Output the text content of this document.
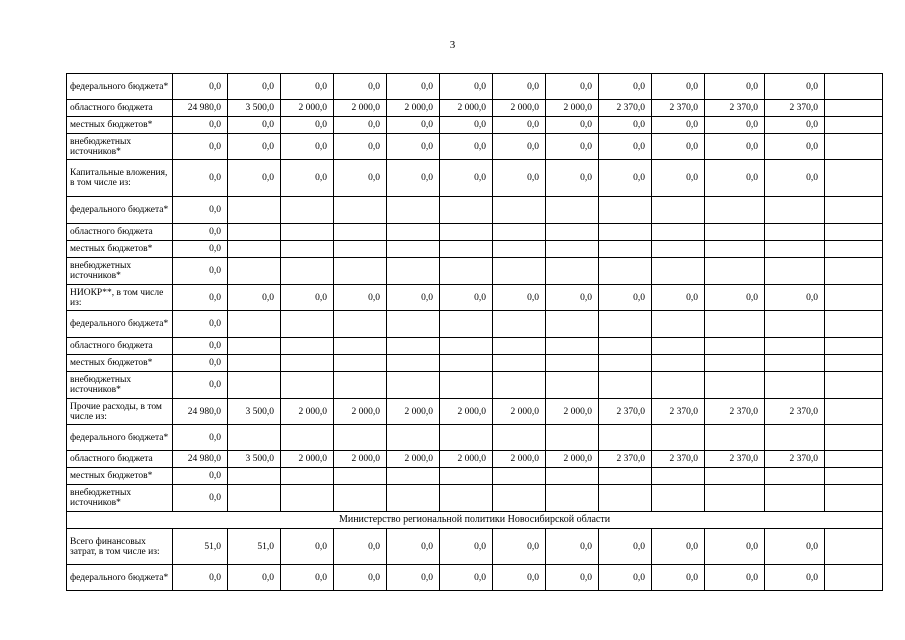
3
федерального бюджета*	0,0	0,0	0,0	0,0	0,0	0,0	0,0	0,0	0,0	0,0	0,0	0,0	
областного бюджета	24 980,0	3 500,0	2 000,0	2 000,0	2 000,0	2 000,0	2 000,0	2 000,0	2 370,0	2 370,0	2 370,0	2 370,0	
местных бюджетов*	0,0	0,0	0,0	0,0	0,0	0,0	0,0	0,0	0,0	0,0	0,0	0,0	
внебюджетных источников*	0,0	0,0	0,0	0,0	0,0	0,0	0,0	0,0	0,0	0,0	0,0	0,0	
Капитальные вложения, в том числе из:	0,0	0,0	0,0	0,0	0,0	0,0	0,0	0,0	0,0	0,0	0,0	0,0	
федерального бюджета*	0,0												
областного бюджета	0,0												
местных бюджетов*	0,0												
внебюджетных источников*	0,0												
НИОКР**, в том числе из:	0,0	0,0	0,0	0,0	0,0	0,0	0,0	0,0	0,0	0,0	0,0	0,0	
федерального бюджета*	0,0												
областного бюджета	0,0												
местных бюджетов*	0,0												
внебюджетных источников*	0,0												
Прочие расходы, в том числе из:	24 980,0	3 500,0	2 000,0	2 000,0	2 000,0	2 000,0	2 000,0	2 000,0	2 370,0	2 370,0	2 370,0	2 370,0	
федерального бюджета*	0,0												
областного бюджета	24 980,0	3 500,0	2 000,0	2 000,0	2 000,0	2 000,0	2 000,0	2 000,0	2 370,0	2 370,0	2 370,0	2 370,0	
местных бюджетов*	0,0												
внебюджетных источников*	0,0												
Министерство региональной политики Новосибирской области													
Всего финансовых затрат, в том числе из:	51,0	51,0	0,0	0,0	0,0	0,0	0,0	0,0	0,0	0,0	0,0	0,0	
федерального бюджета*	0,0	0,0	0,0	0,0	0,0	0,0	0,0	0,0	0,0	0,0	0,0	0,0	
